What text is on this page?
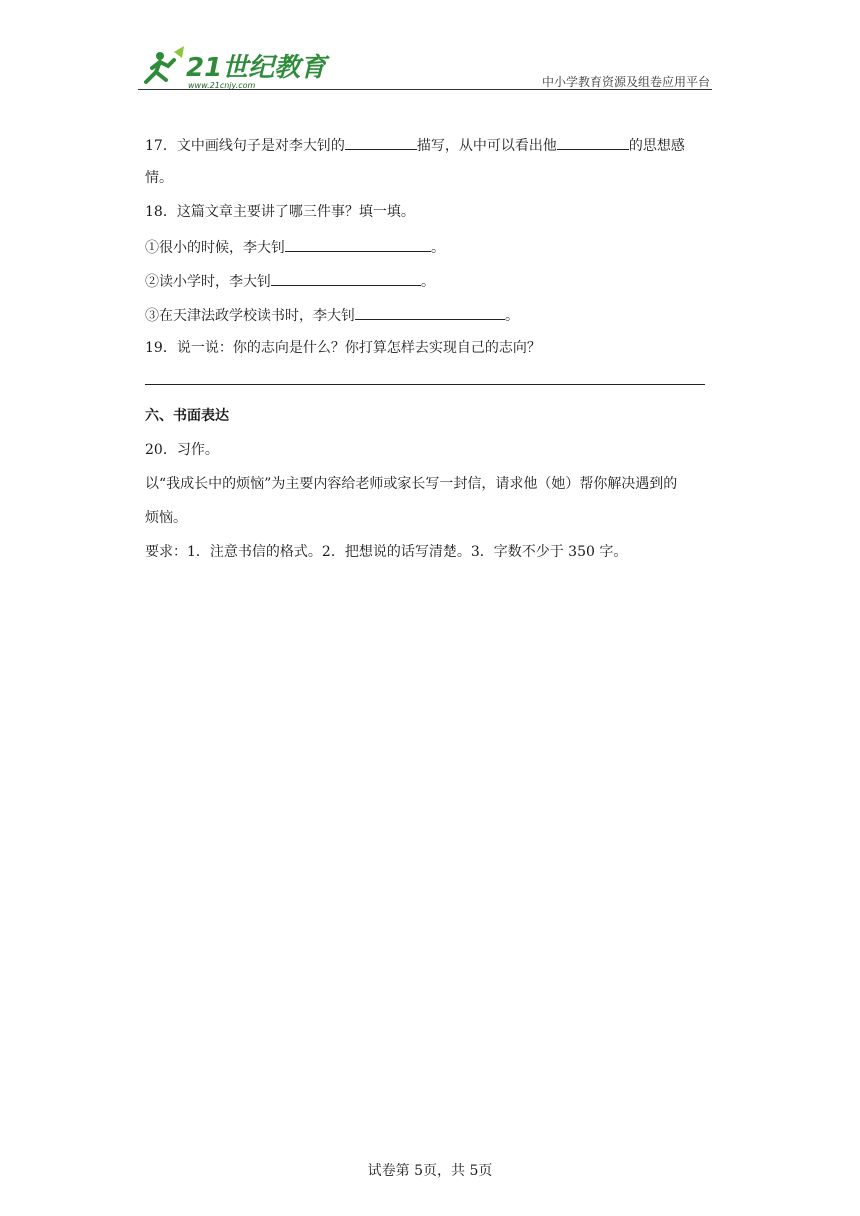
21世纪教育
www.21cnjy.com	中小学教育资源及组卷应用平台
17．文中画线句子是对李大钊的	描写，从中可以看出他	的思想感
情。
18．这篇文章主要讲了哪三件事？填一填。
①很小的时候，李大钊	。
②读小学时，李大钊	。
③在天津法政学校读书时，李大钊	。
19．说一说：你的志向是什么？你打算怎样去实现自己的志向？
六、书面表达
20．习作。
以“我成长中的烦恼”为主要内容给老师或家长写一封信，请求他（她）帮你解决遇到的
烦恼。
要求：1．注意书信的格式。2．把想说的话写清楚。3．字数不少于 350 字。
试卷第 5页，共 5页
